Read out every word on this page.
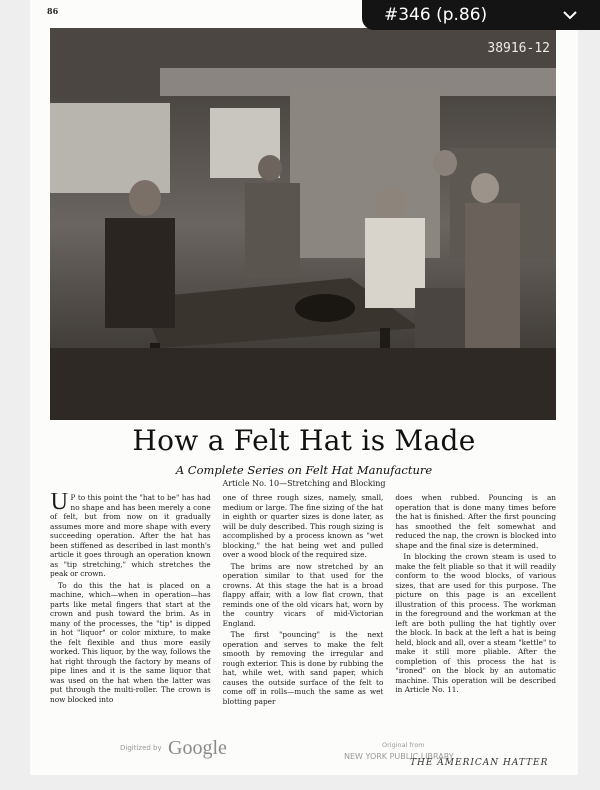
#346 (p.86)
86
38916-12
How a Felt Hat is Made
A Complete Series on Felt Hat Manufacture
Article No. 10—Stretching and Blocking

U P to this point the "hat to be" has had no shape and has been merely a cone of felt, but from now on it gradually assumes more and more shape with every succeeding operation. After the hat has been stiffened as described in last month's article it goes through an operation known as "tip stretching," which stretches the peak or crown.

To do this the hat is placed on a machine, which—when in operation—has parts like metal fingers that start at the crown and push toward the brim. As in many of the processes, the "tip" is dipped in hot "liquor" or color mixture, to make the felt flexible and thus more easily worked. This liquor, by the way, follows the hat right through the factory by means of pipe lines and it is the same liquor that was used on the hat when the latter was put through the multi-roller. The crown is now blocked into

one of three rough sizes, namely, small, medium or large. The fine sizing of the hat in eighth or quarter sizes is done later, as will be duly described. This rough sizing is accomplished by a process known as "wet blocking," the hat being wet and pulled over a wood block of the required size.

The brims are now stretched by an operation similar to that used for the crowns. At this stage the hat is a broad flappy affair, with a low flat crown, that reminds one of the old vicars hat, worn by the country vicars of mid-Victorian England.

The first "pouncing" is the next operation and serves to make the felt smooth by removing the irregular and rough exterior. This is done by rubbing the hat, while wet, with sand paper, which causes the outside surface of the felt to come off in rolls—much the same as wet blotting paper

does when rubbed. Pouncing is an operation that is done many times before the hat is finished. After the first pouncing has smoothed the felt somewhat and reduced the nap, the crown is blocked into shape and the final size is determined.

In blocking the crown steam is used to make the felt pliable so that it will readily conform to the wood blocks, of various sizes, that are used for this purpose. The picture on this page is an excellent illustration of this process. The workman in the foreground and the workman at the left are both pulling the hat tightly over the block. In back at the left a hat is being held, block and all, over a steam "kettle" to make it still more pliable. After the completion of this process the hat is "ironed" on the block by an automatic machine. This operation will be described in Article No. 11.

Digitized by Google	Original from
NEW YORK PUBLIC LIBRARY
THE AMERICAN HATTER
